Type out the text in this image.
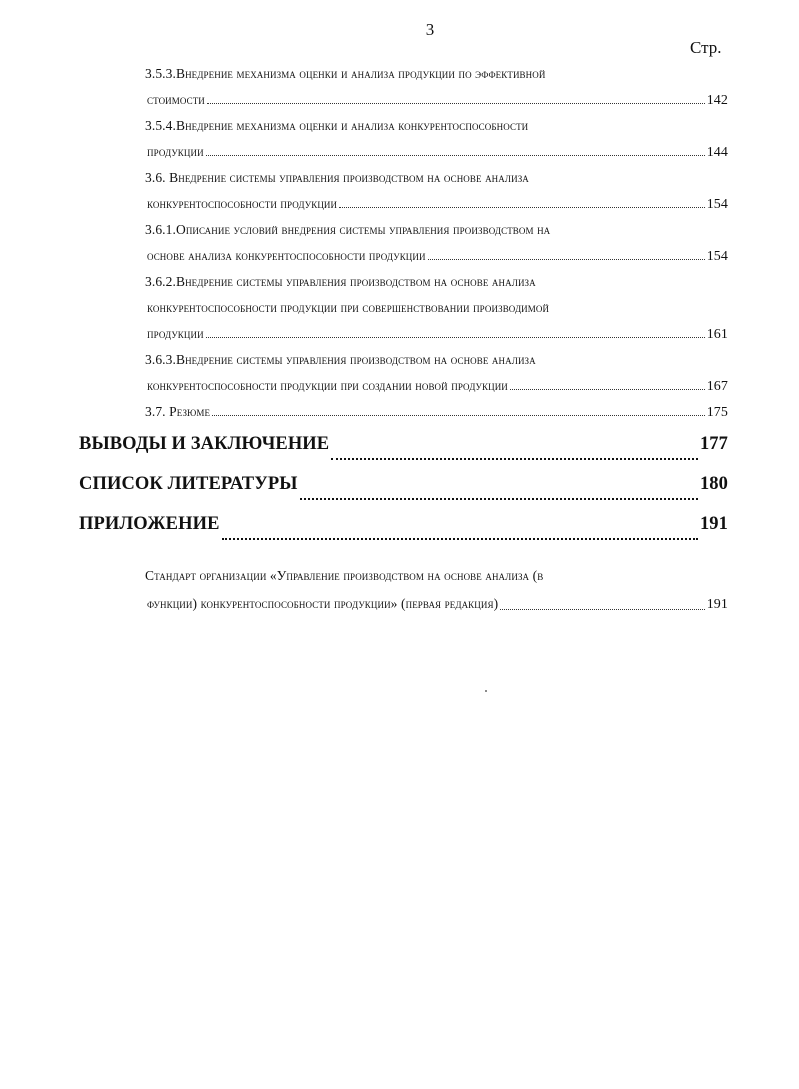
3
Стр.
3.5.3.Внедрение механизма оценки и анализа продукции по эффективной
стоимости	142
3.5.4.Внедрение механизма оценки и анализа конкурентоспособности
продукции	144
3.6. Внедрение системы управления производством на основе анализа
конкурентоспособности продукции	154
3.6.1.Описание условий внедрения системы управления производством на
основе анализа конкурентоспособности продукции	154
3.6.2.Внедрение системы управления производством на основе анализа
конкурентоспособности продукции при совершенствовании производимой
продукции	161
3.6.3.Внедрение системы управления производством на основе анализа
конкурентоспособности продукции при создании новой продукции	167
3.7. Резюме	175
ВЫВОДЫ И ЗАКЛЮЧЕНИЕ	177
СПИСОК ЛИТЕРАТУРЫ	180
ПРИЛОЖЕНИЕ	191
Стандарт организации «Управление производством на основе анализа (в
функции) конкурентоспособности продукции» (первая редакция)	191
